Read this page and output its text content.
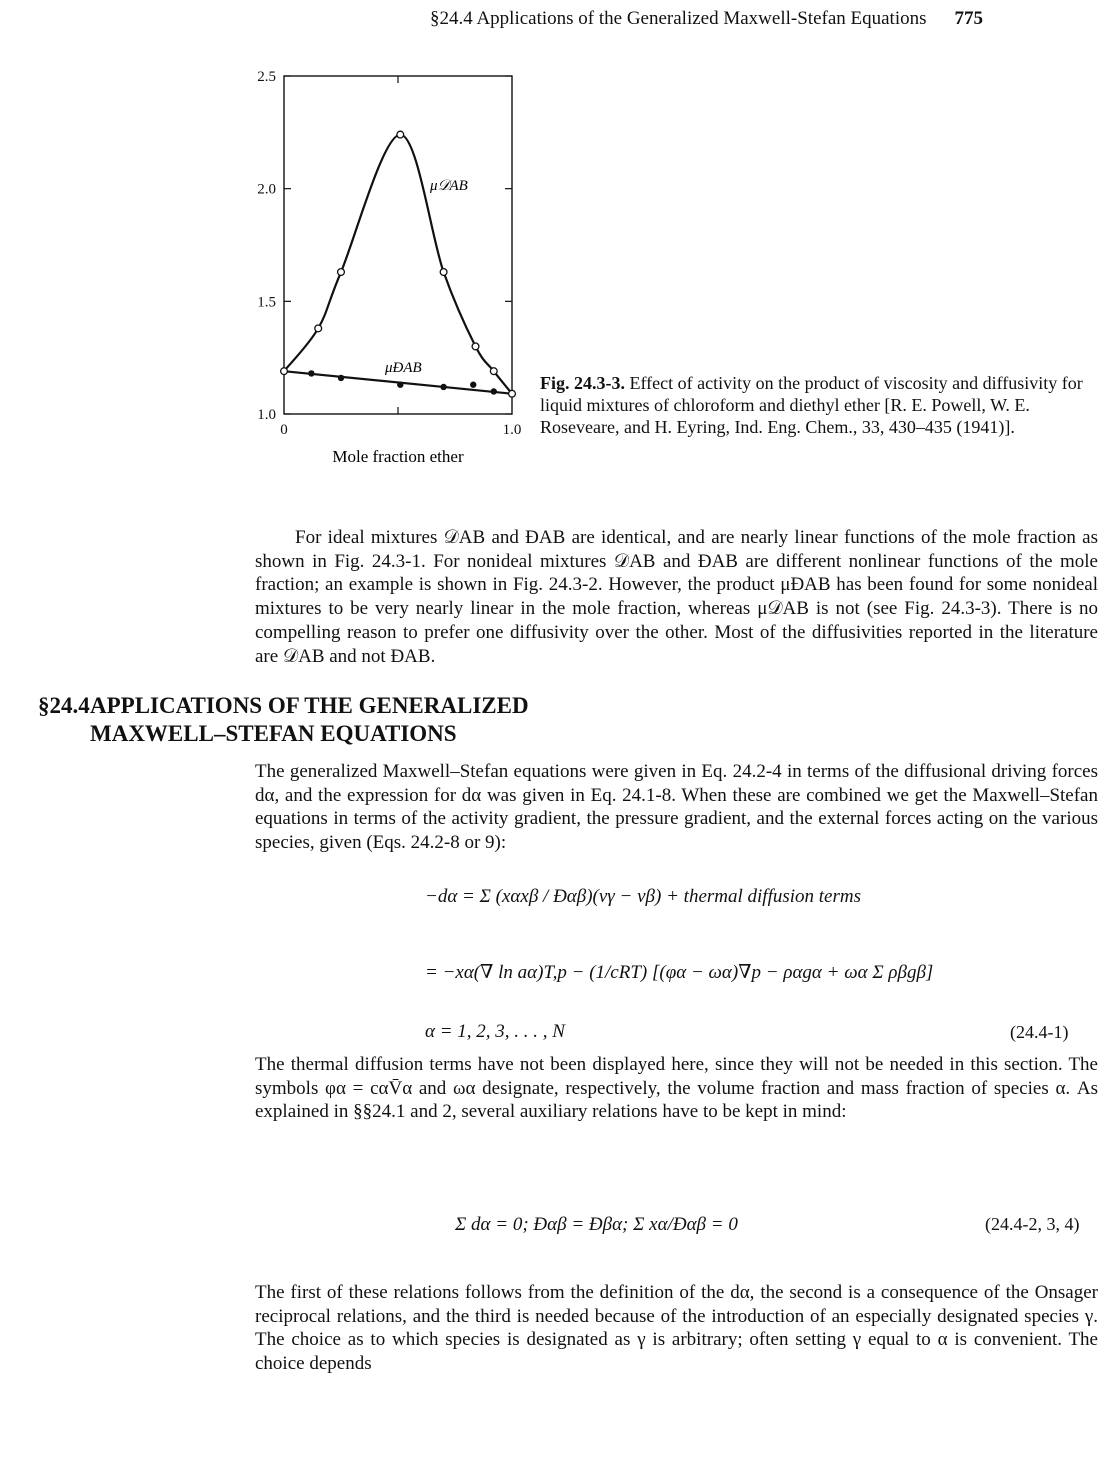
§24.4 Applications of the Generalized Maxwell-Stefan Equations 775
1.0
1.5
2.0
2.5
0	1.0
μ𝒟AB
μÐAB
Mole fraction ether
Fig. 24.3-3. Effect of activity on the product of viscosity and diffusivity for liquid mixtures of chloroform and diethyl ether [R. E. Powell, W. E. Roseveare, and H. Eyring, Ind. Eng. Chem., 33, 430–435 (1941)].
For ideal mixtures 𝒟AB and ÐAB are identical, and are nearly linear functions of the mole fraction as shown in Fig. 24.3-1. For nonideal mixtures 𝒟AB and ÐAB are different nonlinear functions of the mole fraction; an example is shown in Fig. 24.3-2. However, the product μÐAB has been found for some nonideal mixtures to be very nearly linear in the mole fraction, whereas μ𝒟AB is not (see Fig. 24.3-3). There is no compelling reason to prefer one diffusivity over the other. Most of the diffusivities reported in the literature are 𝒟AB and not ÐAB.
§24.4 APPLICATIONS OF THE GENERALIZED
MAXWELL–STEFAN EQUATIONS
The generalized Maxwell–Stefan equations were given in Eq. 24.2-4 in terms of the diffusional driving forces dα, and the expression for dα was given in Eq. 24.1-8. When these are combined we get the Maxwell–Stefan equations in terms of the activity gradient, the pressure gradient, and the external forces acting on the various species, given (Eqs. 24.2-8 or 9):
−dα = Σ (xαxβ / Ðαβ)(vγ − vβ) + thermal diffusion terms
= −xα(∇ ln aα)T,p − (1/cRT) [(φα − ωα)∇p − ραgα + ωα Σ ρβgβ]
α = 1, 2, 3, . . . , N	(24.4-1)
The thermal diffusion terms have not been displayed here, since they will not be needed in this section. The symbols φα = cαV̄α and ωα designate, respectively, the volume fraction and mass fraction of species α. As explained in §§24.1 and 2, several auxiliary relations have to be kept in mind:
Σ dα = 0; Ðαβ = Ðβα; Σ xα/Ðαβ = 0	(24.4-2, 3, 4)
The first of these relations follows from the definition of the dα, the second is a consequence of the Onsager reciprocal relations, and the third is needed because of the introduction of an especially designated species γ. The choice as to which species is designated as γ is arbitrary; often setting γ equal to α is convenient. The choice depends
